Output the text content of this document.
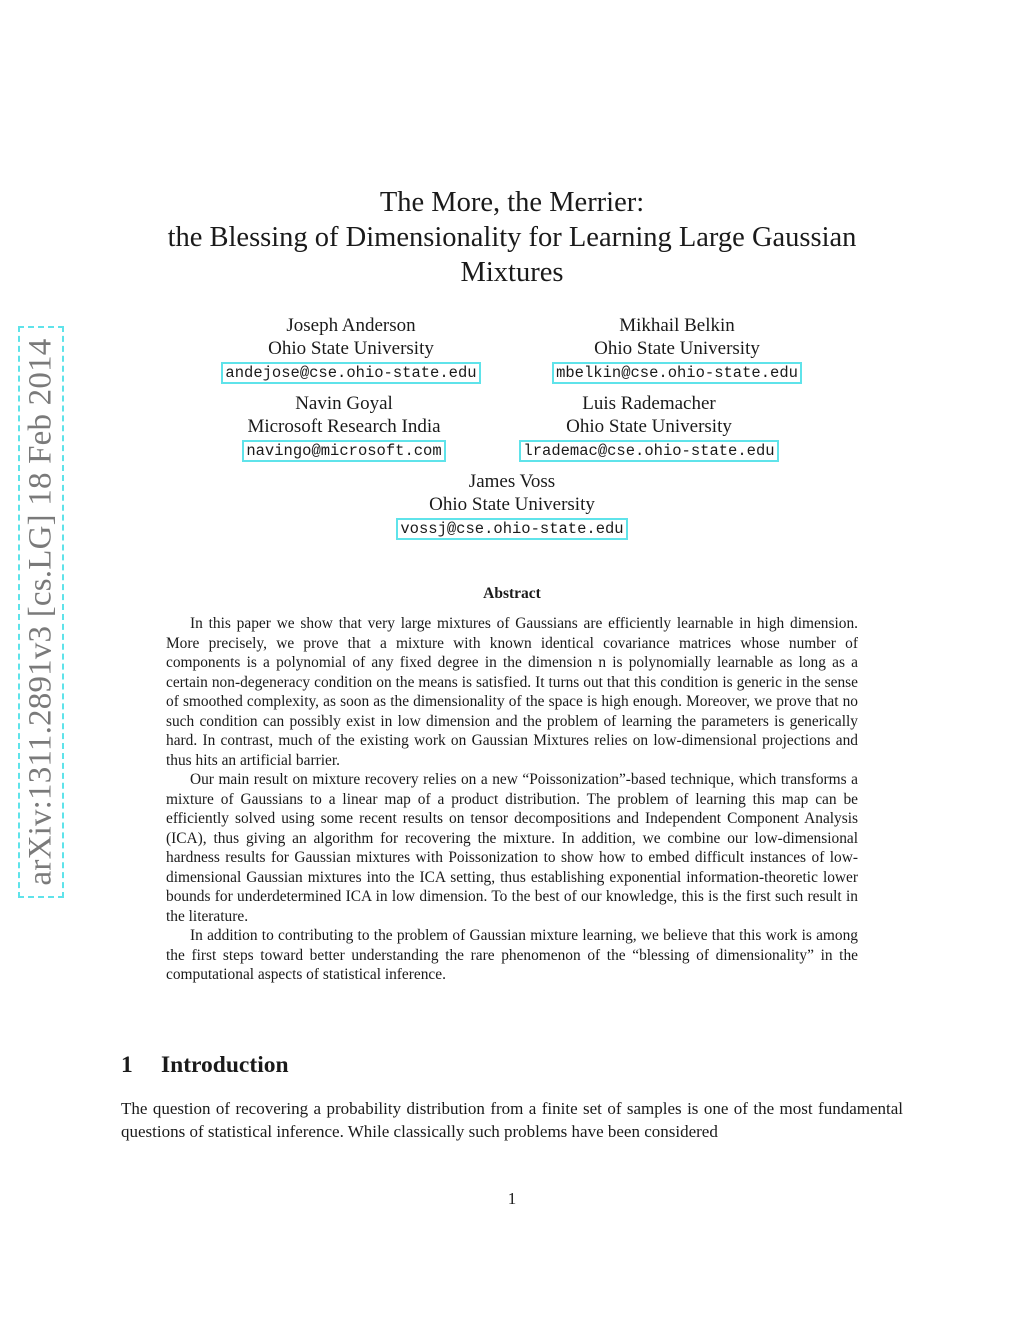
arXiv:1311.2891v3 [cs.LG] 18 Feb 2014
The More, the Merrier:
the Blessing of Dimensionality for Learning Large Gaussian
Mixtures
Joseph Anderson
Ohio State University
andejose@cse.ohio-state.edu
Mikhail Belkin
Ohio State University
mbelkin@cse.ohio-state.edu
Navin Goyal
Microsoft Research India
navingo@microsoft.com
Luis Rademacher
Ohio State University
lrademac@cse.ohio-state.edu
James Voss
Ohio State University
vossj@cse.ohio-state.edu
Abstract

In this paper we show that very large mixtures of Gaussians are efficiently learnable in high dimension. More precisely, we prove that a mixture with known identical covariance matrices whose number of components is a polynomial of any fixed degree in the dimension n is polynomially learnable as long as a certain non-degeneracy condition on the means is satisfied. It turns out that this condition is generic in the sense of smoothed complexity, as soon as the dimensionality of the space is high enough. Moreover, we prove that no such condition can possibly exist in low dimension and the problem of learning the parameters is generically hard. In contrast, much of the existing work on Gaussian Mixtures relies on low-dimensional projections and thus hits an artificial barrier.

Our main result on mixture recovery relies on a new “Poissonization”-based technique, which transforms a mixture of Gaussians to a linear map of a product distribution. The problem of learning this map can be efficiently solved using some recent results on tensor decompositions and Independent Component Analysis (ICA), thus giving an algorithm for recovering the mixture. In addition, we combine our low-dimensional hardness results for Gaussian mixtures with Poissonization to show how to embed difficult instances of low-dimensional Gaussian mixtures into the ICA setting, thus establishing exponential information-theoretic lower bounds for underdetermined ICA in low dimension. To the best of our knowledge, this is the first such result in the literature.

In addition to contributing to the problem of Gaussian mixture learning, we believe that this work is among the first steps toward better understanding the rare phenomenon of the “blessing of dimensionality” in the computational aspects of statistical inference.

1 Introduction

The question of recovering a probability distribution from a finite set of samples is one of the most fundamental questions of statistical inference. While classically such problems have been considered

1
